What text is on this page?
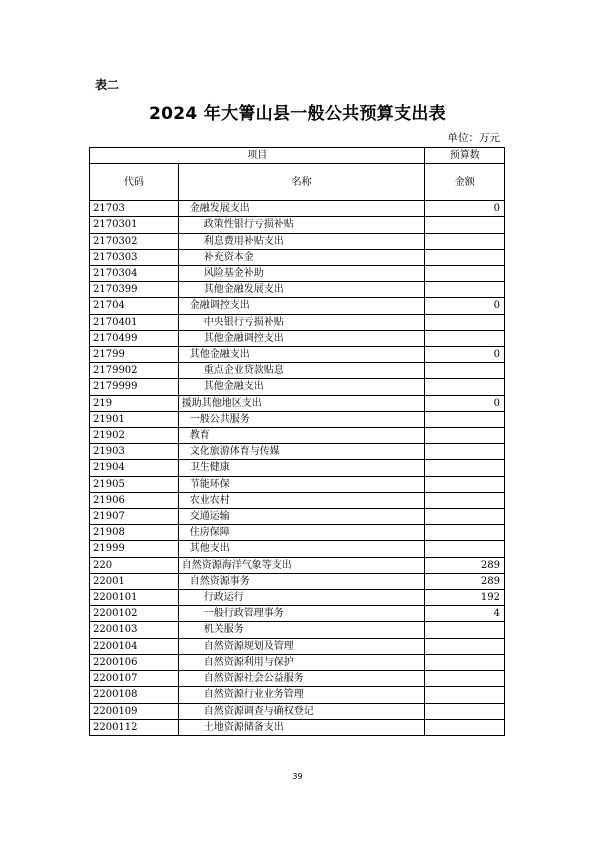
表二
2024 年大箐山县一般公共预算支出表
单位：万元
项目		预算数
代码	名称	金额
21703	金融发展支出	0
2170301	政策性银行亏损补贴	
2170302	利息费用补贴支出	
2170303	补充资本金	
2170304	风险基金补助	
2170399	其他金融发展支出	
21704	金融调控支出	0
2170401	中央银行亏损补贴	
2170499	其他金融调控支出	
21799	其他金融支出	0
2179902	重点企业贷款贴息	
2179999	其他金融支出	
219	援助其他地区支出	0
21901	一般公共服务	
21902	教育	
21903	文化旅游体育与传媒	
21904	卫生健康	
21905	节能环保	
21906	农业农村	
21907	交通运输	
21908	住房保障	
21999	其他支出	
220	自然资源海洋气象等支出	289
22001	自然资源事务	289
2200101	行政运行	192
2200102	一般行政管理事务	4
2200103	机关服务	
2200104	自然资源规划及管理	
2200106	自然资源利用与保护	
2200107	自然资源社会公益服务	
2200108	自然资源行业业务管理	
2200109	自然资源调查与确权登记	
2200112	土地资源储备支出	
39
